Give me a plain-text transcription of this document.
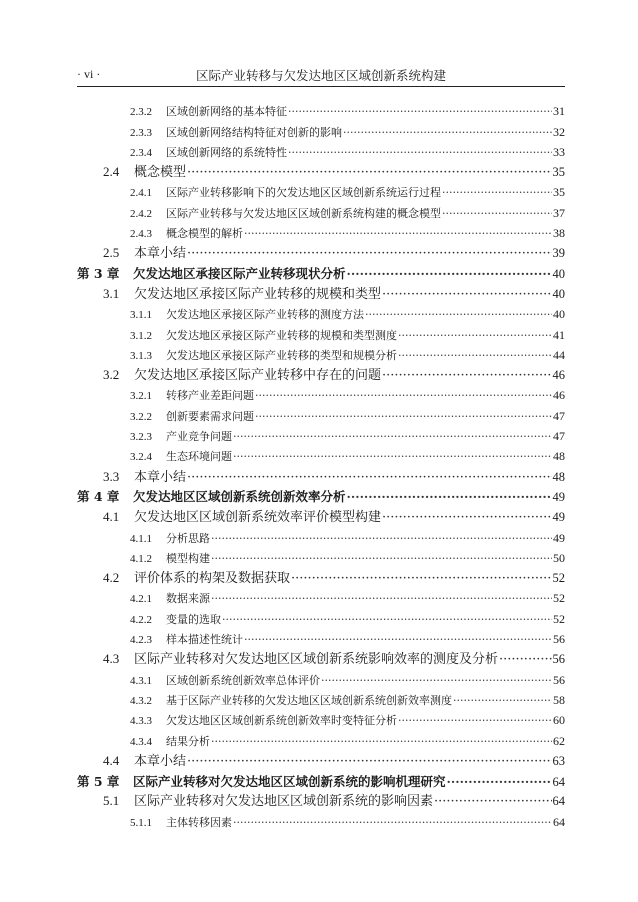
· vi ·	区际产业转移与欠发达地区区域创新系统构建
2.3.2	区域创新网络的基本特征 ·····	31
2.3.3	区域创新网络结构特征对创新的影响 ·····	32
2.3.4	区域创新网络的系统特性 ·····	33
2.4	概念模型 ·····	35
2.4.1	区际产业转移影响下的欠发达地区区域创新系统运行过程 ·····	35
2.4.2	区际产业转移与欠发达地区区域创新系统构建的概念模型 ·····	37
2.4.3	概念模型的解析 ·····	38
2.5	本章小结 ·····	39
第 3 章	欠发达地区承接区际产业转移现状分析 ·····	40
3.1	欠发达地区承接区际产业转移的规模和类型 ·····	40
3.1.1	欠发达地区承接区际产业转移的测度方法 ·····	40
3.1.2	欠发达地区承接区际产业转移的规模和类型测度 ·····	41
3.1.3	欠发达地区承接区际产业转移的类型和规模分析 ·····	44
3.2	欠发达地区承接区际产业转移中存在的问题 ·····	46
3.2.1	转移产业差距问题 ·····	46
3.2.2	创新要素需求问题 ·····	47
3.2.3	产业竞争问题 ·····	47
3.2.4	生态环境问题 ·····	48
3.3	本章小结 ·····	48
第 4 章	欠发达地区区域创新系统创新效率分析 ·····	49
4.1	欠发达地区区域创新系统效率评价模型构建 ·····	49
4.1.1	分析思路 ·····	49
4.1.2	模型构建 ·····	50
4.2	评价体系的构架及数据获取 ·····	52
4.2.1	数据来源 ·····	52
4.2.2	变量的选取 ·····	52
4.2.3	样本描述性统计 ·····	56
4.3	区际产业转移对欠发达地区区域创新系统影响效率的测度及分析 ·····	56
4.3.1	区域创新系统创新效率总体评价 ·····	56
4.3.2	基于区际产业转移的欠发达地区区域创新系统创新效率测度 ·····	58
4.3.3	欠发达地区区域创新系统创新效率时变特征分析 ·····	60
4.3.4	结果分析 ·····	62
4.4	本章小结 ·····	63
第 5 章	区际产业转移对欠发达地区区域创新系统的影响机理研究 ·····	64
5.1	区际产业转移对欠发达地区区域创新系统的影响因素 ·····	64
5.1.1	主体转移因素 ·····	64
